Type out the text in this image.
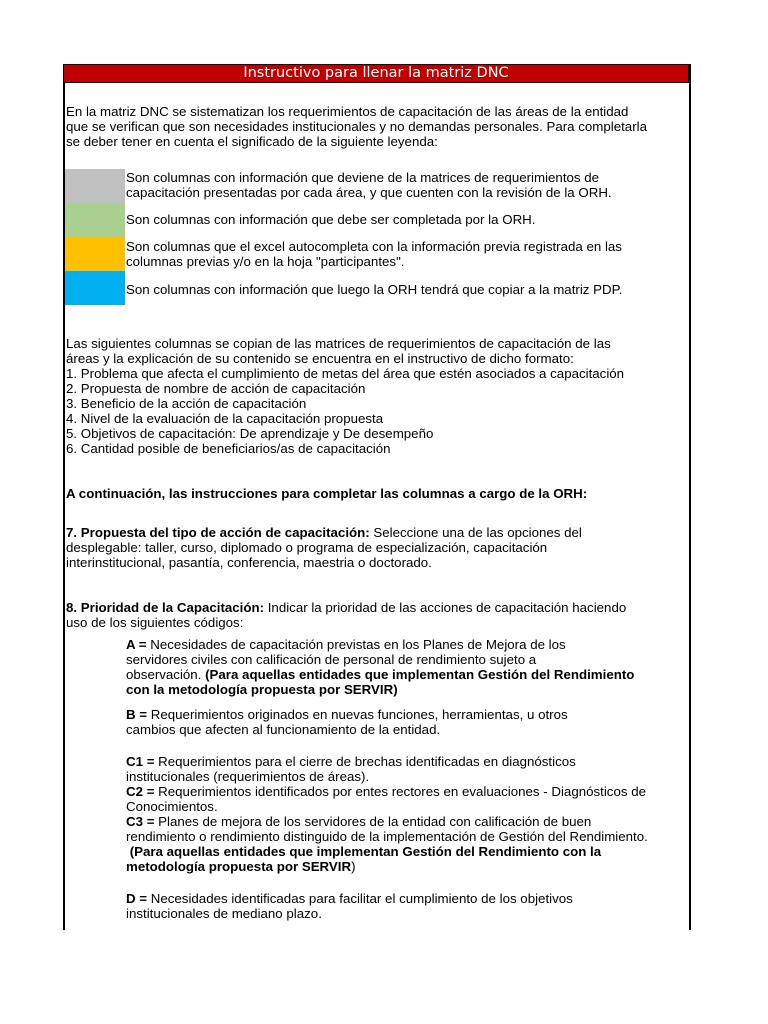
Instructivo para llenar la matriz DNC
En la matriz DNC se sistematizan los requerimientos de capacitación de las áreas de la entidad
que se verifican que son necesidades institucionales y no demandas personales. Para completarla
se deber tener en cuenta el significado de la siguiente leyenda:
Son columnas con información que deviene de la matrices de requerimientos de
capacitación presentadas por cada área, y que cuenten con la revisión de la ORH.
Son columnas con información que debe ser completada por la ORH.
Son columnas que el excel autocompleta con la información previa registrada en las
columnas previas y/o en la hoja "participantes".
Son columnas con información que luego la ORH tendrá que copiar a la matriz PDP.
Las siguientes columnas se copian de las matrices de requerimientos de capacitación de las
áreas y la explicación de su contenido se encuentra en el instructivo de dicho formato:
1. Problema que afecta el cumplimiento de metas del área que estén asociados a capacitación
2. Propuesta de nombre de acción de capacitación
3. Beneficio de la acción de capacitación
4. Nivel de la evaluación de la capacitación propuesta
5. Objetivos de capacitación: De aprendizaje y De desempeño
6. Cantidad posible de beneficiarios/as de capacitación
A continuación, las instrucciones para completar las columnas a cargo de la ORH:
7. Propuesta del tipo de acción de capacitación: Seleccione una de las opciones del
desplegable: taller, curso, diplomado o programa de especialización, capacitación
interinstitucional, pasantía, conferencia, maestria o doctorado.
8. Prioridad de la Capacitación: Indicar la prioridad de las acciones de capacitación haciendo
uso de los siguientes códigos:
A = Necesidades de capacitación previstas en los Planes de Mejora de los
servidores civiles con calificación de personal de rendimiento sujeto a
observación. (Para aquellas entidades que implementan Gestión del Rendimiento
con la metodología propuesta por SERVIR)
B = Requerimientos originados en nuevas funciones, herramientas, u otros
cambios que afecten al funcionamiento de la entidad.
C1 = Requerimientos para el cierre de brechas identificadas en diagnósticos
institucionales (requerimientos de áreas).
C2 = Requerimientos identificados por entes rectores en evaluaciones - Diagnósticos de
Conocimientos.
C3 = Planes de mejora de los servidores de la entidad con calificación de buen
rendimiento o rendimiento distinguido de la implementación de Gestión del Rendimiento.
(Para aquellas entidades que implementan Gestión del Rendimiento con la
metodología propuesta por SERVIR)
D = Necesidades identificadas para facilitar el cumplimiento de los objetivos
institucionales de mediano plazo.
